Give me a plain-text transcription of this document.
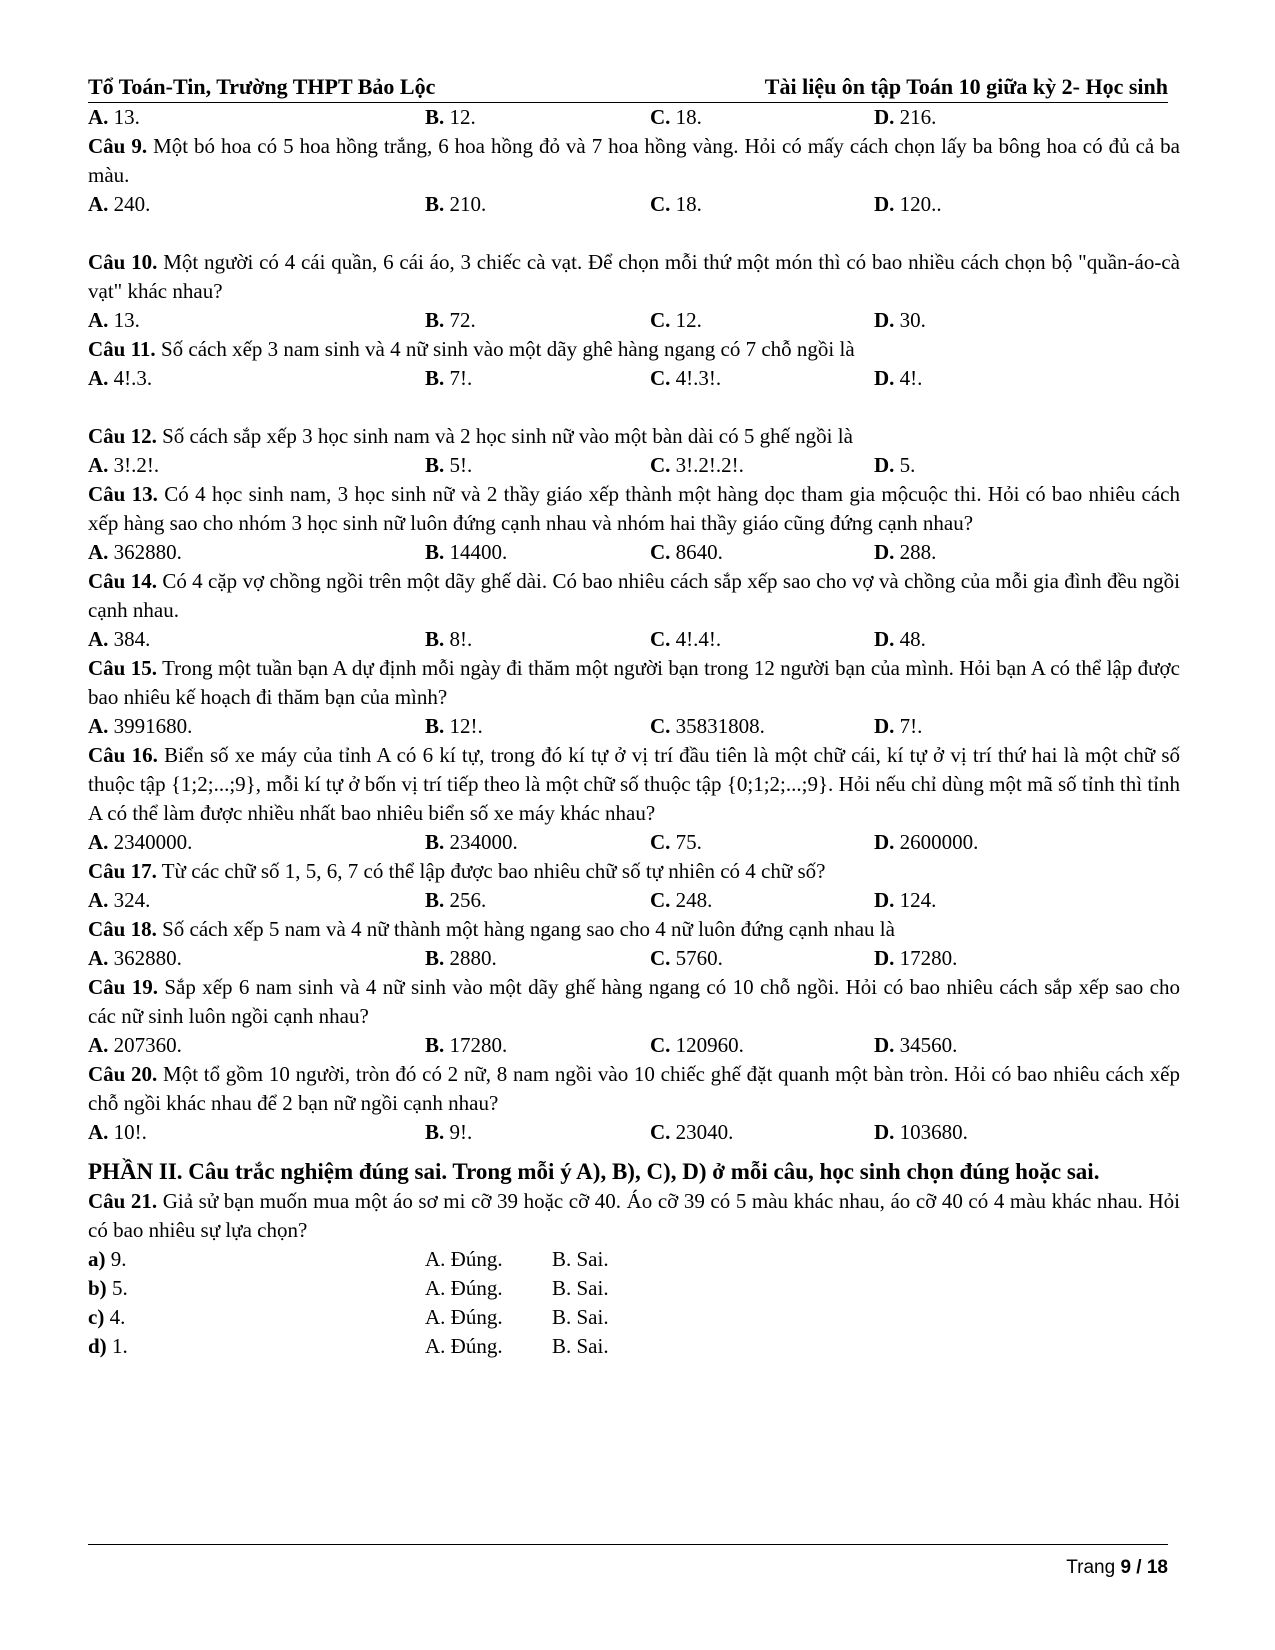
Tổ Toán-Tin, Trường THPT Bảo Lộc	Tài liệu ôn tập Toán 10 giữa kỳ 2- Học sinh
A. 13.	B. 12.	C. 18.	D. 216.
Câu 9. Một bó hoa có 5 hoa hồng trắng, 6 hoa hồng đỏ và 7 hoa hồng vàng. Hỏi có mấy cách chọn lấy ba bông hoa có đủ cả ba màu.
A. 240.	B. 210.	C. 18.	D. 120..
Câu 10. Một người có 4 cái quần, 6 cái áo, 3 chiếc cà vạt. Để chọn mỗi thứ một món thì có bao nhiều cách chọn bộ "quần-áo-cà vạt" khác nhau?
A. 13.	B. 72.	C. 12.	D. 30.
Câu 11. Số cách xếp 3 nam sinh và 4 nữ sinh vào một dãy ghê hàng ngang có 7 chỗ ngồi là
A. 4!.3.	B. 7!.	C. 4!.3!.	D. 4!.
Câu 12. Số cách sắp xếp 3 học sinh nam và 2 học sinh nữ vào một bàn dài có 5 ghế ngồi là
A. 3!.2!.	B. 5!.	C. 3!.2!.2!.	D. 5.
Câu 13. Có 4 học sinh nam, 3 học sinh nữ và 2 thầy giáo xếp thành một hàng dọc tham gia mộcuộc thi. Hỏi có bao nhiêu cách xếp hàng sao cho nhóm 3 học sinh nữ luôn đứng cạnh nhau và nhóm hai thầy giáo cũng đứng cạnh nhau?
A. 362880.	B. 14400.	C. 8640.	D. 288.
Câu 14. Có 4 cặp vợ chồng ngồi trên một dãy ghế dài. Có bao nhiêu cách sắp xếp sao cho vợ và chồng của mỗi gia đình đều ngồi cạnh nhau.
A. 384.	B. 8!.	C. 4!.4!.	D. 48.
Câu 15. Trong một tuần bạn A dự định mỗi ngày đi thăm một người bạn trong 12 người bạn của mình. Hỏi bạn A có thể lập được bao nhiêu kế hoạch đi thăm bạn của mình?
A. 3991680.	B. 12!.	C. 35831808.	D. 7!.
Câu 16. Biển số xe máy của tỉnh A có 6 kí tự, trong đó kí tự ở vị trí đầu tiên là một chữ cái, kí tự ở vị trí thứ hai là một chữ số thuộc tập {1;2;...;9}, mỗi kí tự ở bốn vị trí tiếp theo là một chữ số thuộc tập {0;1;2;...;9}. Hỏi nếu chỉ dùng một mã số tỉnh thì tỉnh A có thể làm được nhiều nhất bao nhiêu biển số xe máy khác nhau?
A. 2340000.	B. 234000.	C. 75.	D. 2600000.
Câu 17. Từ các chữ số 1, 5, 6, 7 có thể lập được bao nhiêu chữ số tự nhiên có 4 chữ số?
A. 324.	B. 256.	C. 248.	D. 124.
Câu 18. Số cách xếp 5 nam và 4 nữ thành một hàng ngang sao cho 4 nữ luôn đứng cạnh nhau là
A. 362880.	B. 2880.	C. 5760.	D. 17280.
Câu 19. Sắp xếp 6 nam sinh và 4 nữ sinh vào một dãy ghế hàng ngang có 10 chỗ ngồi. Hỏi có bao nhiêu cách sắp xếp sao cho các nữ sinh luôn ngồi cạnh nhau?
A. 207360.	B. 17280.	C. 120960.	D. 34560.
Câu 20. Một tổ gồm 10 người, tròn đó có 2 nữ, 8 nam ngồi vào 10 chiếc ghế đặt quanh một bàn tròn. Hỏi có bao nhiêu cách xếp chỗ ngồi khác nhau để 2 bạn nữ ngồi cạnh nhau?
A. 10!.	B. 9!.	C. 23040.	D. 103680.
PHẦN II. Câu trắc nghiệm đúng sai. Trong mỗi ý A), B), C), D) ở mỗi câu, học sinh chọn đúng hoặc sai.
Câu 21. Giả sử bạn muốn mua một áo sơ mi cỡ 39 hoặc cỡ 40. Áo cỡ 39 có 5 màu khác nhau, áo cỡ 40 có 4 màu khác nhau. Hỏi có bao nhiêu sự lựa chọn?
a) 9.	A. Đúng. B. Sai.
b) 5.	A. Đúng. B. Sai.
c) 4.	A. Đúng. B. Sai.
d) 1.	A. Đúng. B. Sai.
Trang 9 / 18
